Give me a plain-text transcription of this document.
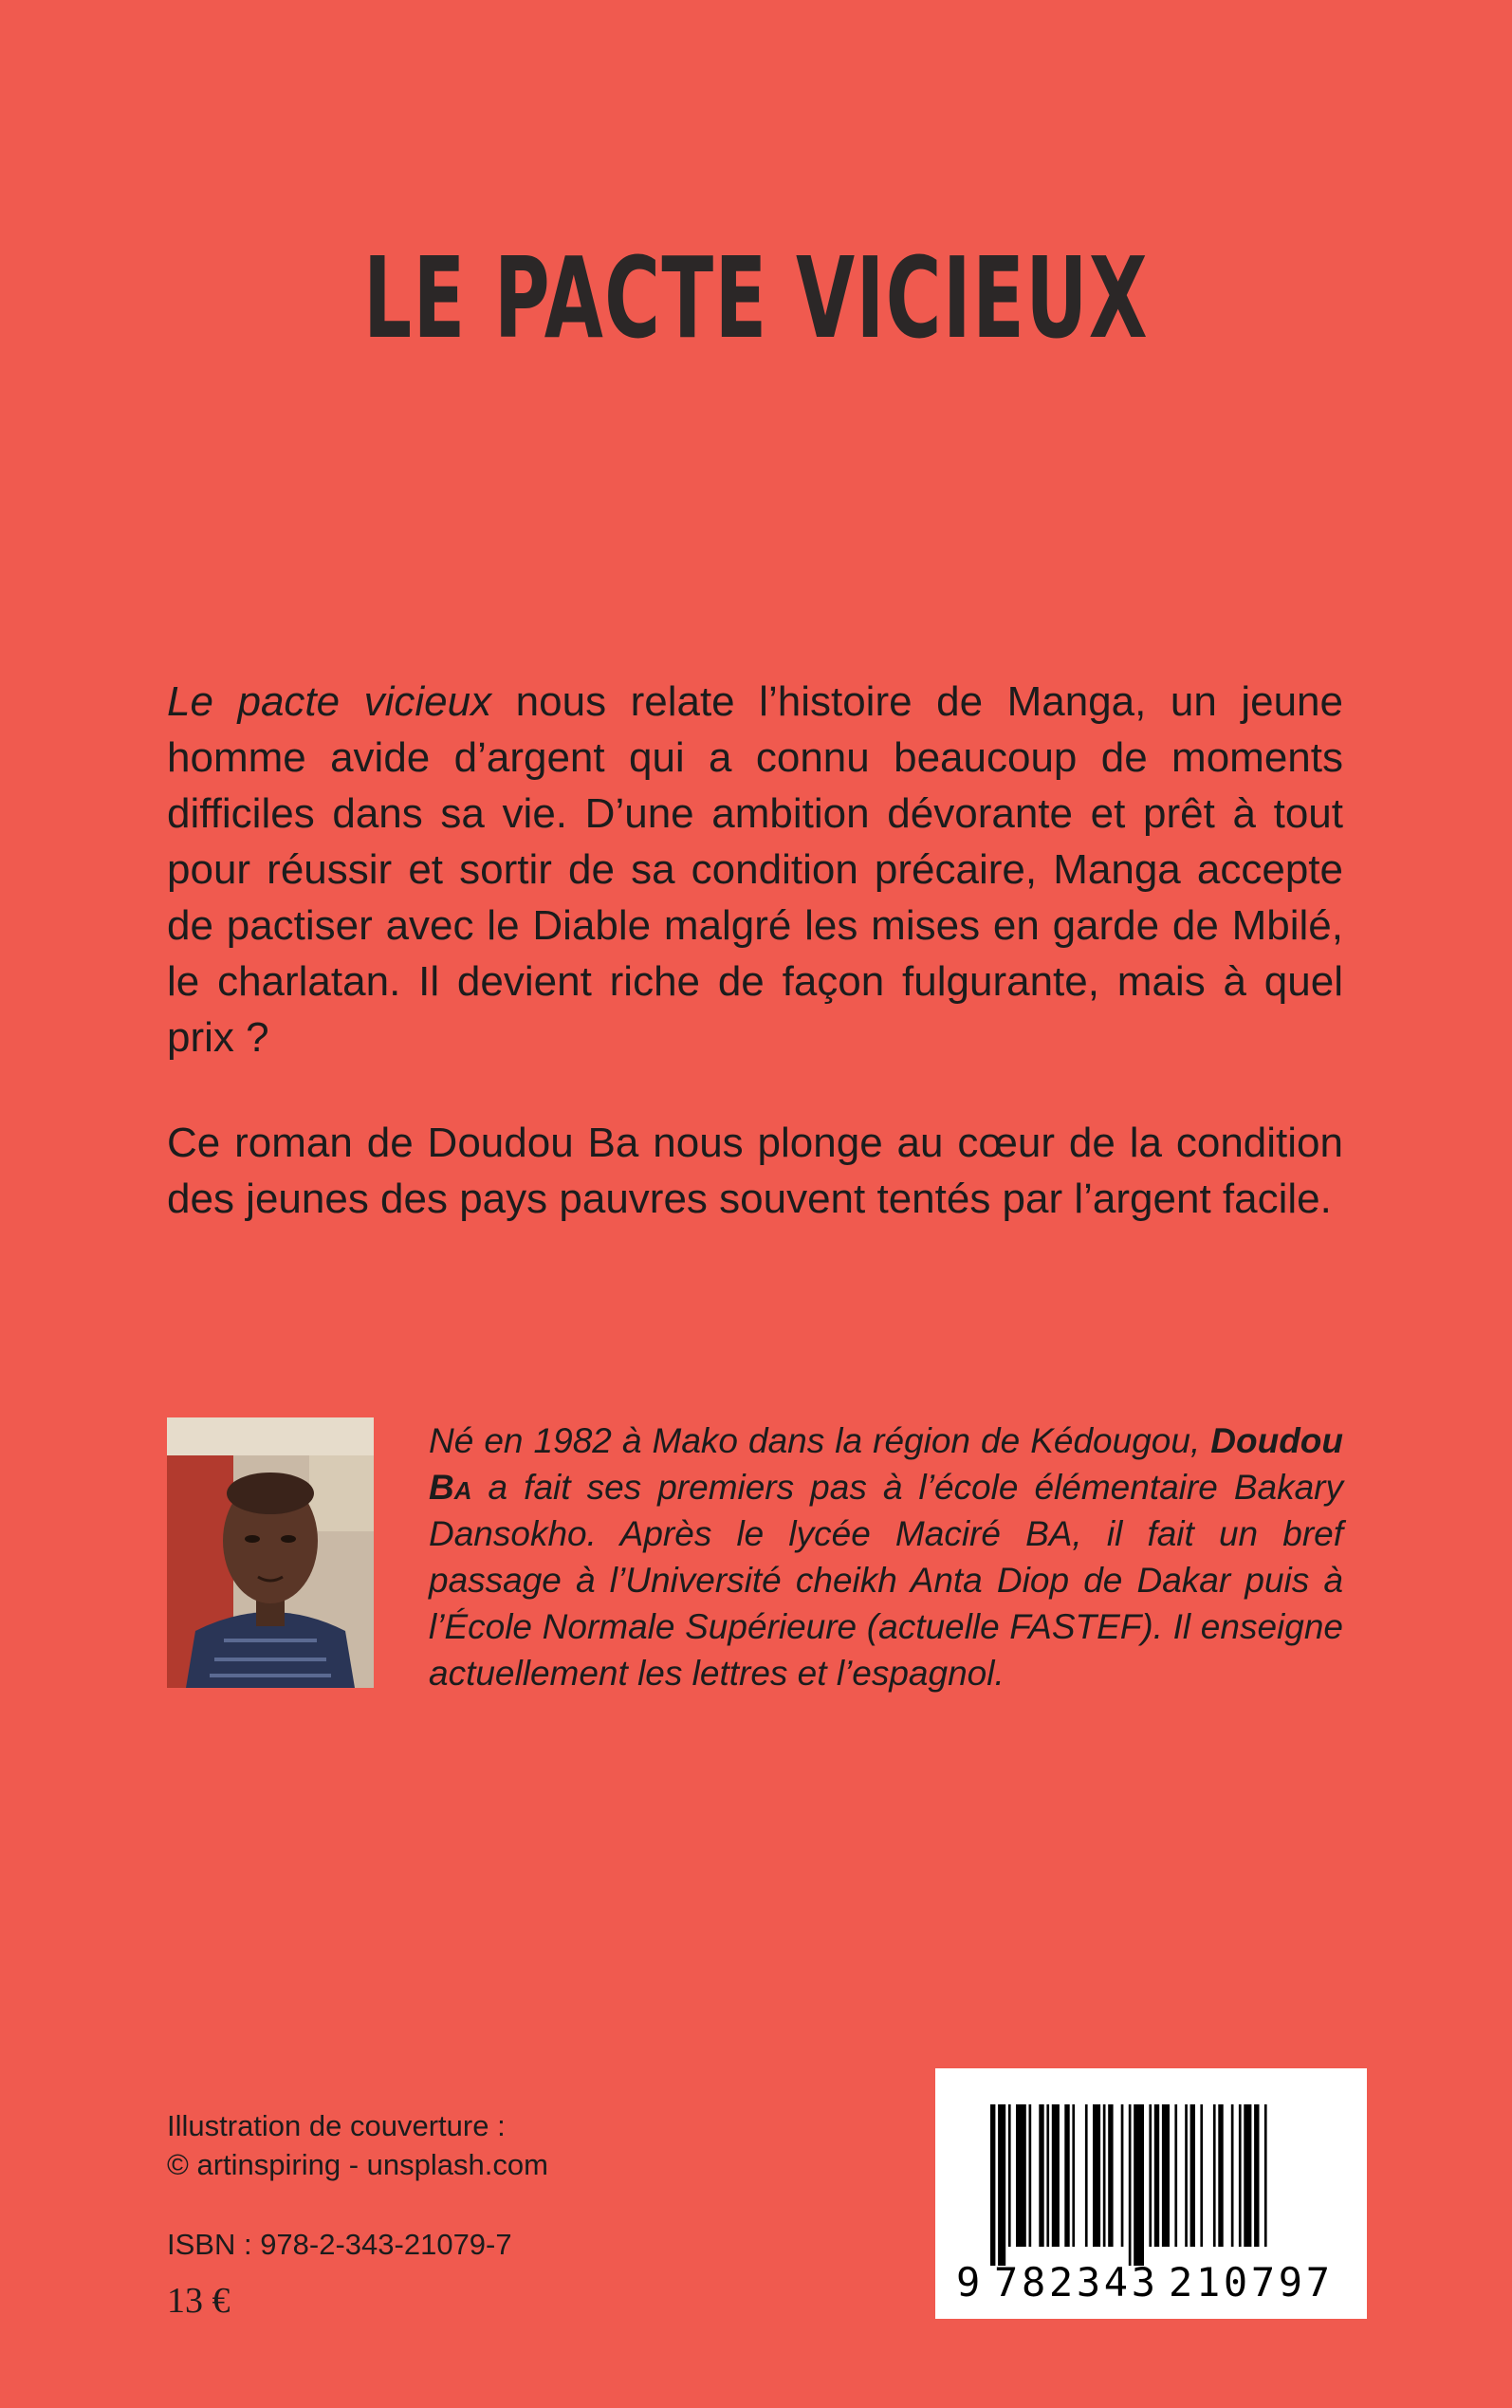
LE PACTE VICIEUX

Le pacte vicieux nous relate l’histoire de Manga, un jeune homme avide d’argent qui a connu beaucoup de moments difficiles dans sa vie. D’une ambition dévorante et prêt à tout pour réussir et sortir de sa condition précaire, Manga accepte de pactiser avec le Diable malgré les mises en garde de Mbilé, le charlatan. Il devient riche de façon fulgurante, mais à quel prix ?

Ce roman de Doudou Ba nous plonge au cœur de la condition des jeunes des pays pauvres souvent tentés par l’argent facile.

Né en 1982 à Mako dans la région de Kédougou, Doudou Ba a fait ses premiers pas à l’école élémentaire Bakary Dansokho. Après le lycée Maciré BA, il fait un bref passage à l’Université cheikh Anta Diop de Dakar puis à l’École Normale Supérieure (actuelle FASTEF). Il enseigne actuellement les lettres et l’espagnol.
Illustration de couverture :
© artinspiring - unsplash.com
ISBN : 978-2-343-21079-7
13 €	9 782343 210797
